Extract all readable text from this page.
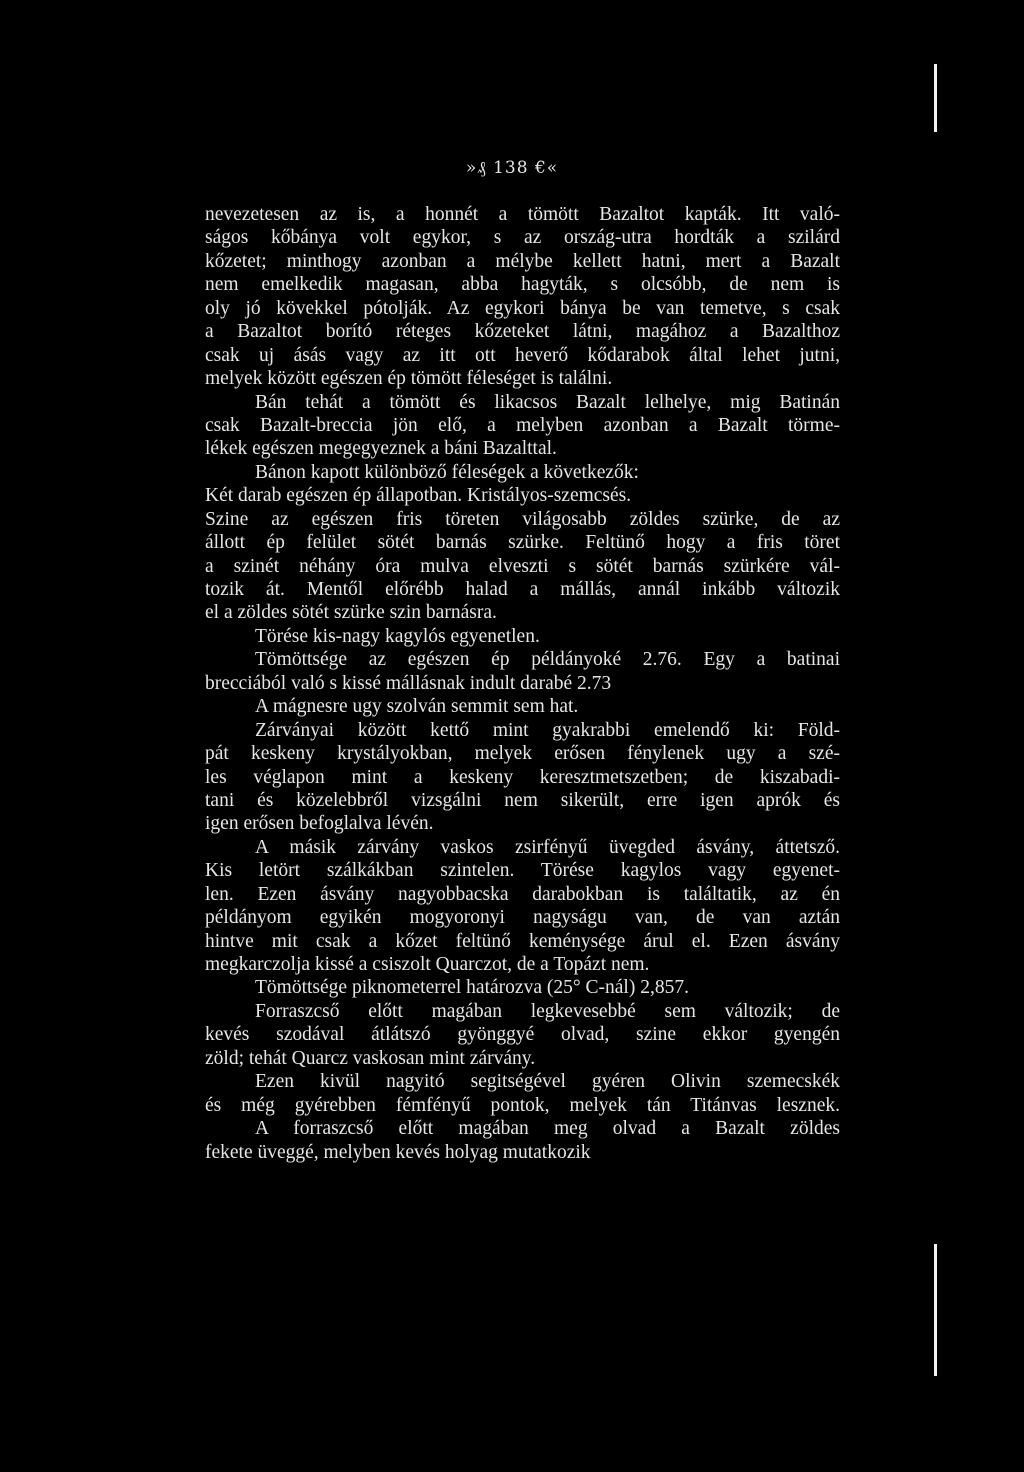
»₰ 138 €«
nevezetesen az is, a honnét a tömött Bazaltot kapták. Itt való-
ságos kőbánya volt egykor, s az ország-utra hordták a szilárd
kőzetet; minthogy azonban a mélybe kellett hatni, mert a Bazalt
nem emelkedik magasan, abba hagyták, s olcsóbb, de nem is
oly jó kövekkel pótolják. Az egykori bánya be van temetve, s csak
a Bazaltot borító réteges kőzeteket látni, magához a Bazalthoz
csak uj ásás vagy az itt ott heverő kődarabok által lehet jutni,
melyek között egészen ép tömött féleséget is találni.
Bán tehát a tömött és likacsos Bazalt lelhelye, mig Batinán
csak Bazalt-breccia jön elő, a melyben azonban a Bazalt törme-
lékek egészen megegyeznek a báni Bazalttal.
Bánon kapott különböző féleségek a következők:
Két darab egészen ép állapotban. Kristályos-szemcsés.
Szine az egészen fris töreten világosabb zöldes szürke, de az
állott ép felület sötét barnás szürke. Feltünő hogy a fris töret
a szinét néhány óra mulva elveszti s sötét barnás szürkére vál-
tozik át. Mentől előrébb halad a mállás, annál inkább változik
el a zöldes sötét szürke szin barnásra.
Törése kis-nagy kagylós egyenetlen.
Tömöttsége az egészen ép példányoké 2.76. Egy a batinai
brecciából való s kissé mállásnak indult darabé 2.73
A mágnesre ugy szolván semmit sem hat.
Zárványai között kettő mint gyakrabbi emelendő ki: Föld-
pát keskeny krystályokban, melyek erősen fénylenek ugy a szé-
les véglapon mint a keskeny keresztmetszetben; de kiszabadi-
tani és közelebbről vizsgálni nem sikerült, erre igen aprók és
igen erősen befoglalva lévén.
A másik zárvány vaskos zsirfényű üvegded ásvány, áttetsző.
Kis letört szálkákban szintelen. Törése kagylos vagy egyenet-
len. Ezen ásvány nagyobbacska darabokban is találtatik, az én
példányom egyikén mogyoronyi nagyságu van, de van aztán
hintve mit csak a kőzet feltünő keménysége árul el. Ezen ásvány
megkarczolja kissé a csiszolt Quarczot, de a Topázt nem.
Tömöttsége piknometerrel határozva (25° C-nál) 2,857.
Forraszcső előtt magában legkevesebbé sem változik; de
kevés szodával átlátszó gyönggyé olvad, szine ekkor gyengén
zöld; tehát Quarcz vaskosan mint zárvány.
Ezen kivül nagyitó segitségével gyéren Olivin szemecskék
és még gyérebben fémfényű pontok, melyek tán Titánvas lesznek.
A forraszcső előtt magában meg olvad a Bazalt zöldes
fekete üveggé, melyben kevés holyag mutatkozik
